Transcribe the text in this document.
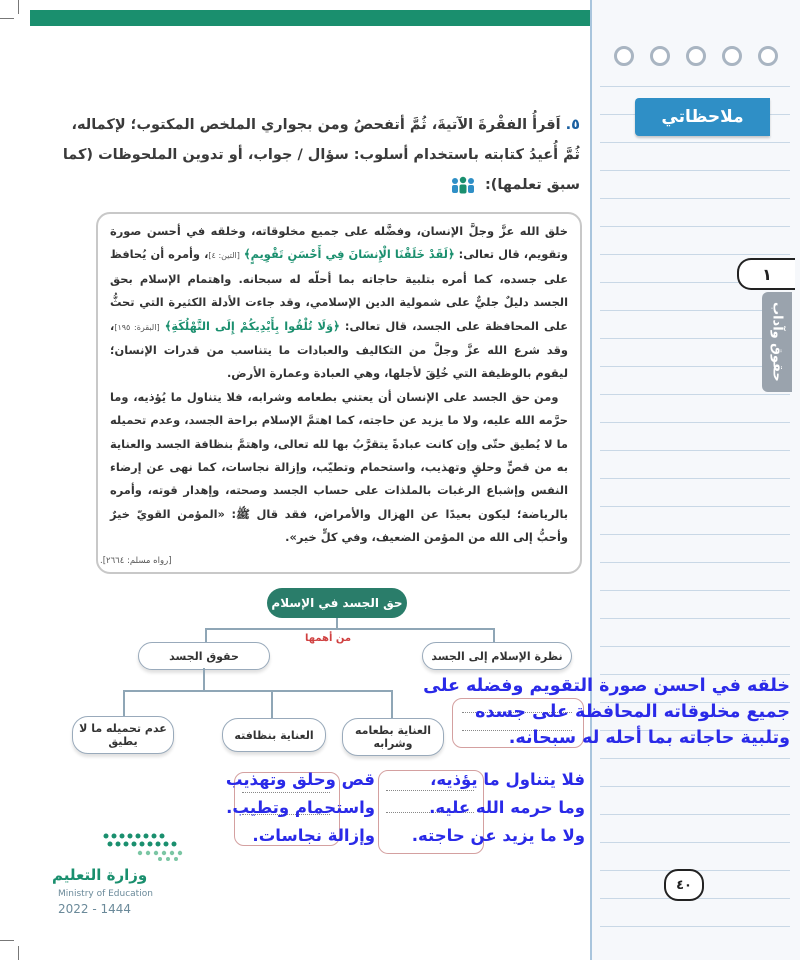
ملاحظاتي
١
حقوق وآداب
٥. اَقرأُ الفقْرةَ الآتيةَ، ثُمَّ أتفحصُ ومن بجواري الملخص المكتوب؛ لإكماله، ثُمَّ أُعيدُ كتابته باستخدام أسلوب: سؤال / جواب، أو تدوين الملحوظات (كما سبق تعلمها):

خلق الله عزَّ وجلَّ الإنسان، وفضَّله على جميع مخلوقاته، وخلقه في أحسن صورة وتقويم، قال تعالى: ﴿لَقَدْ خَلَقْنَا الْإِنسَانَ فِي أَحْسَنِ تَقْوِيمٍ﴾ [التين: ٤]، وأمره أن يُحافظ على جسده، كما أمره بتلبية حاجاته بما أحلّه له سبحانه. واهتمام الإسلام بحق الجسد دليلٌ جليٌّ على شمولية الدين الإسلامي، وقد جاءت الأدلة الكثيرة التي تحثُّ على المحافظة على الجسد، قال تعالى: ﴿وَلَا تُلْقُوا بِأَيْدِيكُمْ إِلَى التَّهْلُكَةِ﴾ [البقرة: ١٩٥]، وقد شرع الله عزَّ وجلَّ من التكاليف والعبادات ما يتناسب من قدرات الإنسان؛ ليقوم بالوظيفة التي خُلِقَ لأجلها، وهي العبادة وعمارة الأرض.

ومن حق الجسد على الإنسان أن يعتني بطعامه وشرابه، فلا يتناول ما يُؤذيه، وما حرَّمه الله عليه، ولا ما يزيد عن حاجته، كما اهتمَّ الإسلام براحة الجسد، وعدم تحميله ما لا يُطيق حتّى وإن كانت عبادةً يتقرَّبُ بها لله تعالى، واهتمَّ بنظافة الجسد والعناية به من قصٍّ وحلقٍ وتهذيب، واستحمام وتطيّب، وإزالة نجاسات، كما نهى عن إرضاء النفس وإشباع الرغبات بالملذات على حساب الجسد وصحته، وإهدار قوته، وأمره بالرياضة؛ ليكون بعيدًا عن الهزال والأمراض، فقد قال ﷺ: «المؤمن القويّ خيرٌ وأحبُّ إلى الله من المؤمن الضعيف، وفي كلٍّ خير».

[رواه مسلم: ٢٦٦٤].
حق الجسد في الإسلام
من أهمها
نظرة الإسلام إلى الجسد
حقوق الجسد
العناية بطعامه وشرابه
العناية بنظافته
عدم تحميله ما لا يطيق
خلقه في احسن صورة التقويم وفضله على
جميع مخلوقاته المحافظة على جسده
وتلبية حاجاته بما أحله له سبحانه.
فلا يتناول ما يؤذيه،
وما حرمه الله عليه.
ولا ما يزيد عن حاجته.
قص وحلق وتهذيب
واستحمام وتطيب.
وإزالة نجاسات.
وزارة التعليم
Ministry of Education
2022 - 1444
٤٠
